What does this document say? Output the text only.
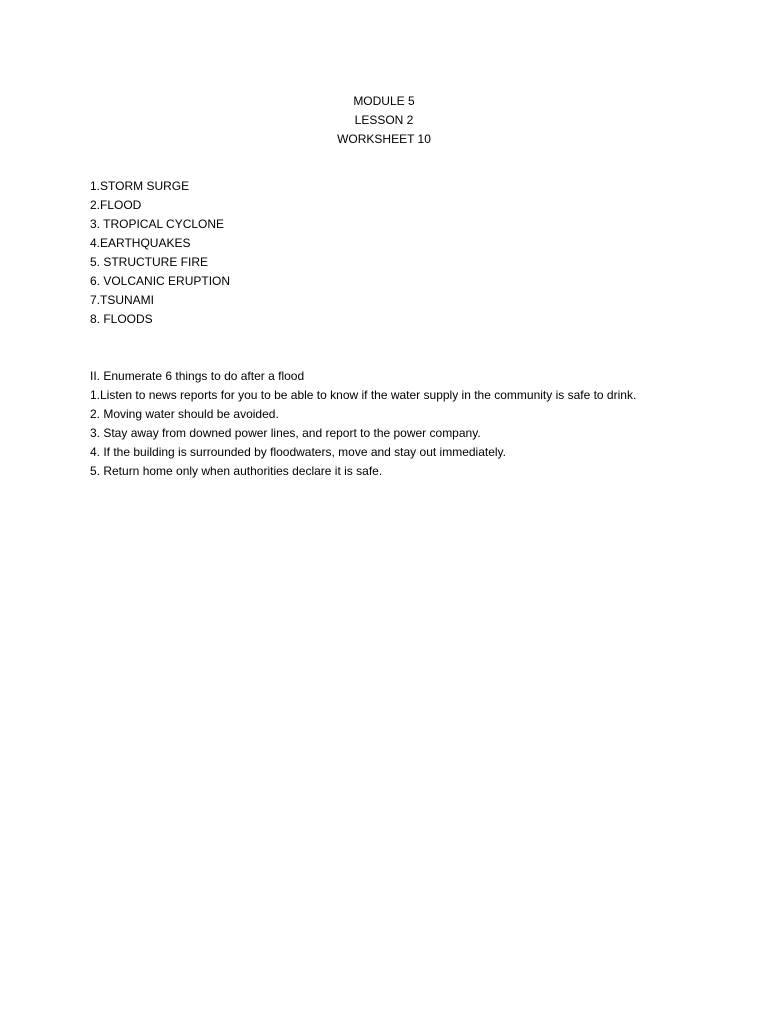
MODULE 5
LESSON 2
WORKSHEET 10
1.STORM SURGE
2.FLOOD
3. TROPICAL CYCLONE
4.EARTHQUAKES
5. STRUCTURE FIRE
6. VOLCANIC ERUPTION
7.TSUNAMI
8. FLOODS
II. Enumerate 6 things to do after a flood
1.Listen to news reports for you to be able to know if the water supply in the community is safe to drink.
2. Moving water should be avoided.
3. Stay away from downed power lines, and report to the power company.
4. If the building is surrounded by floodwaters, move and stay out immediately.
5. Return home only when authorities declare it is safe.
